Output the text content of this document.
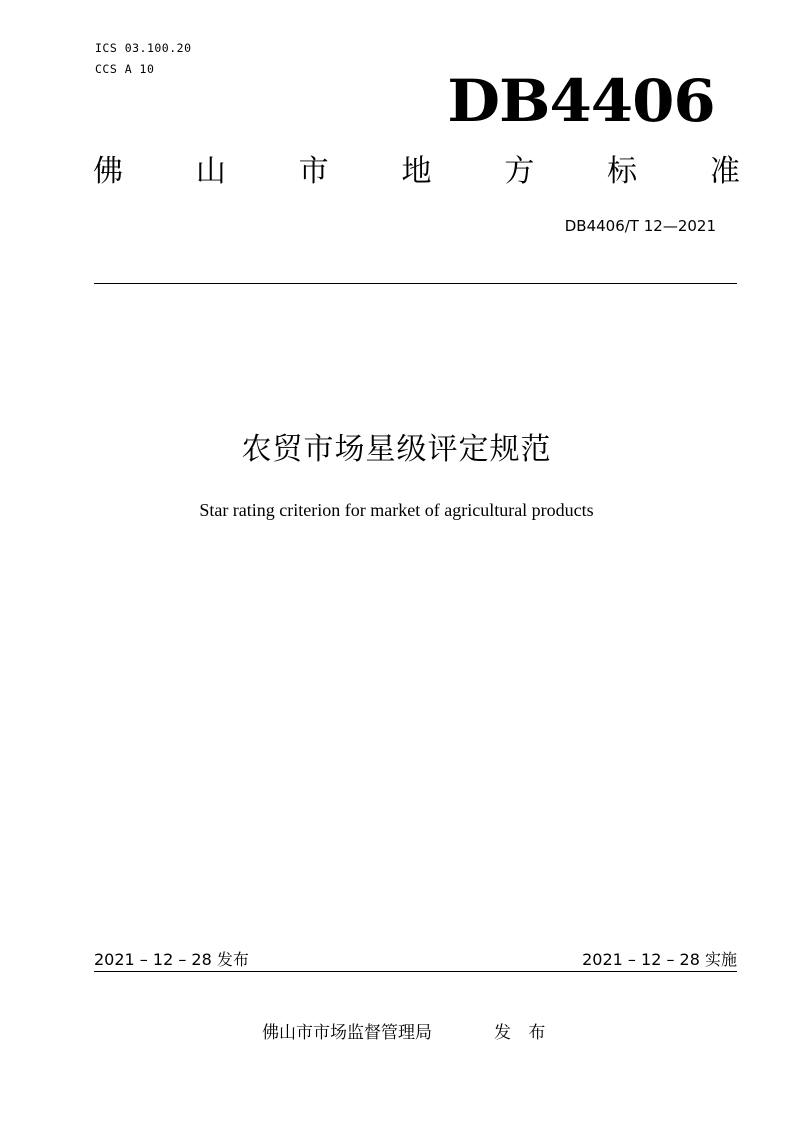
ICS 03.100.20
CCS A 10	DB4406
佛 山 市 地 方 标 准
DB4406/T 12—2021
农贸市场星级评定规范
Star rating criterion for market of agricultural products
2021 – 12 – 28 发布	2021 – 12 – 28 实施
佛山市市场监督管理局	发 布
